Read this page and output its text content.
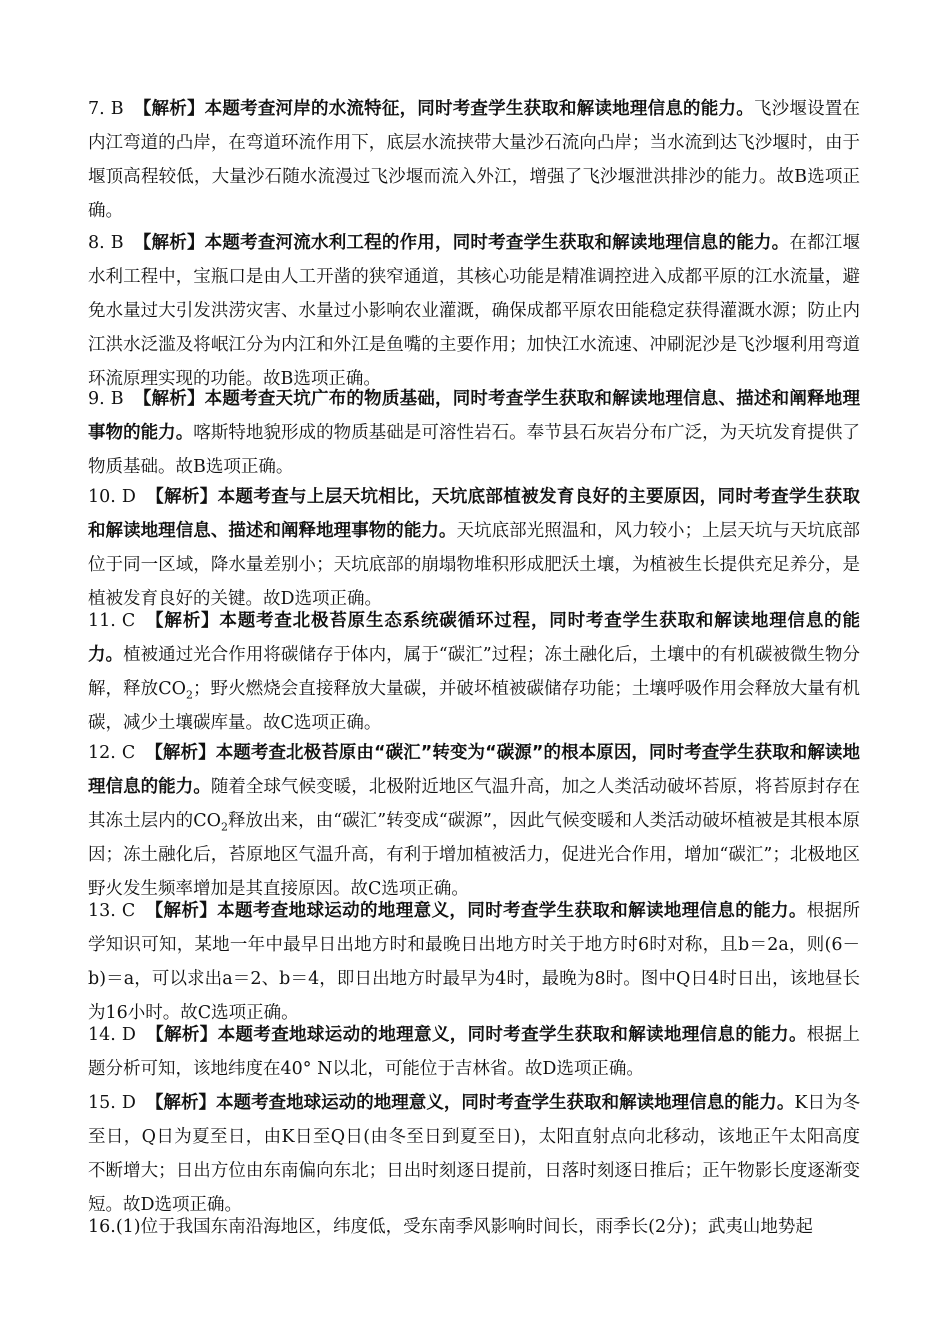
7. B 【解析】本题考查河岸的水流特征，同时考查学生获取和解读地理信息的能力。飞沙堰设置在内江弯道的凸岸，在弯道环流作用下，底层水流挟带大量沙石流向凸岸；当水流到达飞沙堰时，由于堰顶高程较低，大量沙石随水流漫过飞沙堰而流入外江，增强了飞沙堰泄洪排沙的能力。故B选项正确。
8. B 【解析】本题考查河流水利工程的作用，同时考查学生获取和解读地理信息的能力。在都江堰水利工程中，宝瓶口是由人工开凿的狭窄通道，其核心功能是精准调控进入成都平原的江水流量，避免水量过大引发洪涝灾害、水量过小影响农业灌溉，确保成都平原农田能稳定获得灌溉水源；防止内江洪水泛滥及将岷江分为内江和外江是鱼嘴的主要作用；加快江水流速、冲刷泥沙是飞沙堰利用弯道环流原理实现的功能。故B选项正确。
9. B 【解析】本题考查天坑广布的物质基础，同时考查学生获取和解读地理信息、描述和阐释地理事物的能力。喀斯特地貌形成的物质基础是可溶性岩石。奉节县石灰岩分布广泛，为天坑发育提供了物质基础。故B选项正确。
10. D 【解析】本题考查与上层天坑相比，天坑底部植被发育良好的主要原因，同时考查学生获取和解读地理信息、描述和阐释地理事物的能力。天坑底部光照温和，风力较小；上层天坑与天坑底部位于同一区域，降水量差别小；天坑底部的崩塌物堆积形成肥沃土壤，为植被生长提供充足养分，是植被发育良好的关键。故D选项正确。
11. C 【解析】本题考查北极苔原生态系统碳循环过程，同时考查学生获取和解读地理信息的能力。植被通过光合作用将碳储存于体内，属于“碳汇”过程；冻土融化后，土壤中的有机碳被微生物分解，释放$CO_2$；野火燃烧会直接释放大量碳，并破坏植被碳储存功能；土壤呼吸作用会释放大量有机碳，减少土壤碳库量。故C选项正确。
12. C 【解析】本题考查北极苔原由“碳汇”转变为“碳源”的根本原因，同时考查学生获取和解读地理信息的能力。随着全球气候变暖，北极附近地区气温升高，加之人类活动破坏苔原，将苔原封存在其冻土层内的$CO_2$释放出来，由“碳汇”转变成“碳源”，因此气候变暖和人类活动破坏植被是其根本原因；冻土融化后，苔原地区气温升高，有利于增加植被活力，促进光合作用，增加“碳汇”；北极地区野火发生频率增加是其直接原因。故C选项正确。
13. C 【解析】本题考查地球运动的地理意义，同时考查学生获取和解读地理信息的能力。根据所学知识可知，某地一年中最早日出地方时和最晚日出地方时关于地方时6时对称，且b＝2a，则(6－b)＝a，可以求出a＝2、b＝4，即日出地方时最早为4时，最晚为8时。图中Q日4时日出，该地昼长为16小时。故C选项正确。
14. D 【解析】本题考查地球运动的地理意义，同时考查学生获取和解读地理信息的能力。根据上题分析可知，该地纬度在40° N以北，可能位于吉林省。故D选项正确。
15. D 【解析】本题考查地球运动的地理意义，同时考查学生获取和解读地理信息的能力。K日为冬至日，Q日为夏至日，由K日至Q日(由冬至日到夏至日)，太阳直射点向北移动，该地正午太阳高度不断增大；日出方位由东南偏向东北；日出时刻逐日提前，日落时刻逐日推后；正午物影长度逐渐变短。故D选项正确。
16.(1)位于我国东南沿海地区，纬度低，受东南季风影响时间长，雨季长(2分)；武夷山地势起
